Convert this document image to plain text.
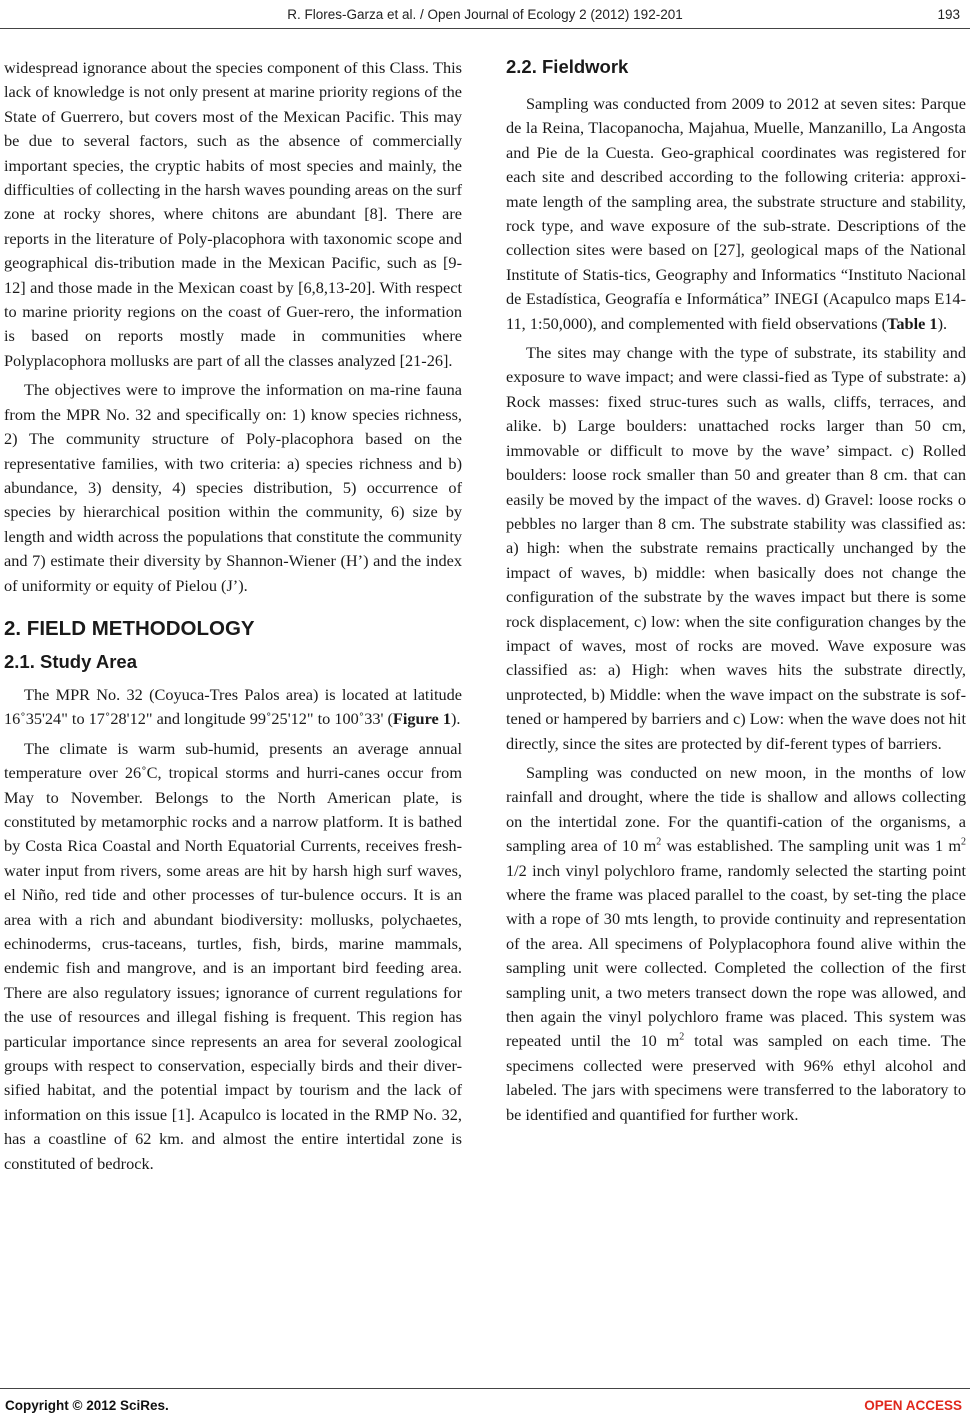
R. Flores-Garza et al. / Open Journal of Ecology 2 (2012) 192-201	193

widespread ignorance about the species component of this Class. This lack of knowledge is not only present at marine priority regions of the State of Guerrero, but covers most of the Mexican Pacific. This may be due to several factors, such as the absence of commercially important species, the cryptic habits of most species and mainly, the difficulties of collecting in the harsh waves pounding areas on the surf zone at rocky shores, where chitons are abundant [8]. There are reports in the literature of Poly-placophora with taxonomic scope and geographical dis-tribution made in the Mexican Pacific, such as [9-12] and those made in the Mexican coast by [6,8,13-20]. With respect to marine priority regions on the coast of Guer-rero, the information is based on reports mostly made in communities where Polyplacophora mollusks are part of all the classes analyzed [21-26].

The objectives were to improve the information on ma-rine fauna from the MPR No. 32 and specifically on: 1) know species richness, 2) The community structure of Poly-placophora based on the representative families, with two criteria: a) species richness and b) abundance, 3) density, 4) species distribution, 5) occurrence of species by hierarchical position within the community, 6) size by length and width across the populations that constitute the community and 7) estimate their diversity by Shannon-Wiener (H’) and the index of uniformity or equity of Pielou (J’).

2. FIELD METHODOLOGY
2.1. Study Area

The MPR No. 32 (Coyuca-Tres Palos area) is located at latitude 16˚35'24" to 17˚28'12" and longitude 99˚25'12" to 100˚33' (Figure 1).

The climate is warm sub-humid, presents an average annual temperature over 26˚C, tropical storms and hurri-canes occur from May to November. Belongs to the North American plate, is constituted by metamorphic rocks and a narrow platform. It is bathed by Costa Rica Coastal and North Equatorial Currents, receives fresh-water input from rivers, some areas are hit by harsh high surf waves, el Niño, red tide and other processes of tur-bulence occurs. It is an area with a rich and abundant biodiversity: mollusks, polychaetes, echinoderms, crus-taceans, turtles, fish, birds, marine mammals, endemic fish and mangrove, and is an important bird feeding area. There are also regulatory issues; ignorance of current regulations for the use of resources and illegal fishing is frequent. This region has particular importance since represents an area for several zoological groups with respect to conservation, especially birds and their diver-sified habitat, and the potential impact by tourism and the lack of information on this issue [1]. Acapulco is located in the RMP No. 32, has a coastline of 62 km. and almost the entire intertidal zone is constituted of bedrock.

2.2. Fieldwork

Sampling was conducted from 2009 to 2012 at seven sites: Parque de la Reina, Tlacopanocha, Majahua, Muelle, Manzanillo, La Angosta and Pie de la Cuesta. Geo-graphical coordinates was registered for each site and described according to the following criteria: approxi-mate length of the sampling area, the substrate structure and stability, rock type, and wave exposure of the sub-strate. Descriptions of the collection sites were based on [27], geological maps of the National Institute of Statis-tics, Geography and Informatics “Instituto Nacional de Estadística, Geografía e Informática” INEGI (Acapulco maps E14-11, 1:50,000), and complemented with field observations (Table 1).

The sites may change with the type of substrate, its stability and exposure to wave impact; and were classi-fied as Type of substrate: a) Rock masses: fixed struc-tures such as walls, cliffs, terraces, and alike. b) Large boulders: unattached rocks larger than 50 cm, immovable or difficult to move by the wave’ simpact. c) Rolled boulders: loose rock smaller than 50 and greater than 8 cm. that can easily be moved by the impact of the waves. d) Gravel: loose rocks o pebbles no larger than 8 cm. The substrate stability was classified as: a) high: when the substrate remains practically unchanged by the impact of waves, b) middle: when basically does not change the configuration of the substrate by the waves impact but there is some rock displacement, c) low: when the site configuration changes by the impact of waves, most of rocks are moved. Wave exposure was classified as: a) High: when waves hits the substrate directly, unprotected, b) Middle: when the wave impact on the substrate is sof-tened or hampered by barriers and c) Low: when the wave does not hit directly, since the sites are protected by dif-ferent types of barriers.

Sampling was conducted on new moon, in the months of low rainfall and drought, where the tide is shallow and allows collecting on the intertidal zone. For the quantifi-cation of the organisms, a sampling area of 10 $m^2$ was established. The sampling unit was 1 $m^2$ 1/2 inch vinyl polychloro frame, randomly selected the starting point where the frame was placed parallel to the coast, by set-ting the place with a rope of 30 mts length, to provide continuity and representation of the area. All specimens of Polyplacophora found alive within the sampling unit were collected. Completed the collection of the first sampling unit, a two meters transect down the rope was allowed, and then again the vinyl polychloro frame was placed. This system was repeated until the 10 $m^2$ total was sampled on each time. The specimens collected were preserved with 96% ethyl alcohol and labeled. The jars with specimens were transferred to the laboratory to be identified and quantified for further work.

Copyright © 2012 SciRes.	OPEN ACCESS
